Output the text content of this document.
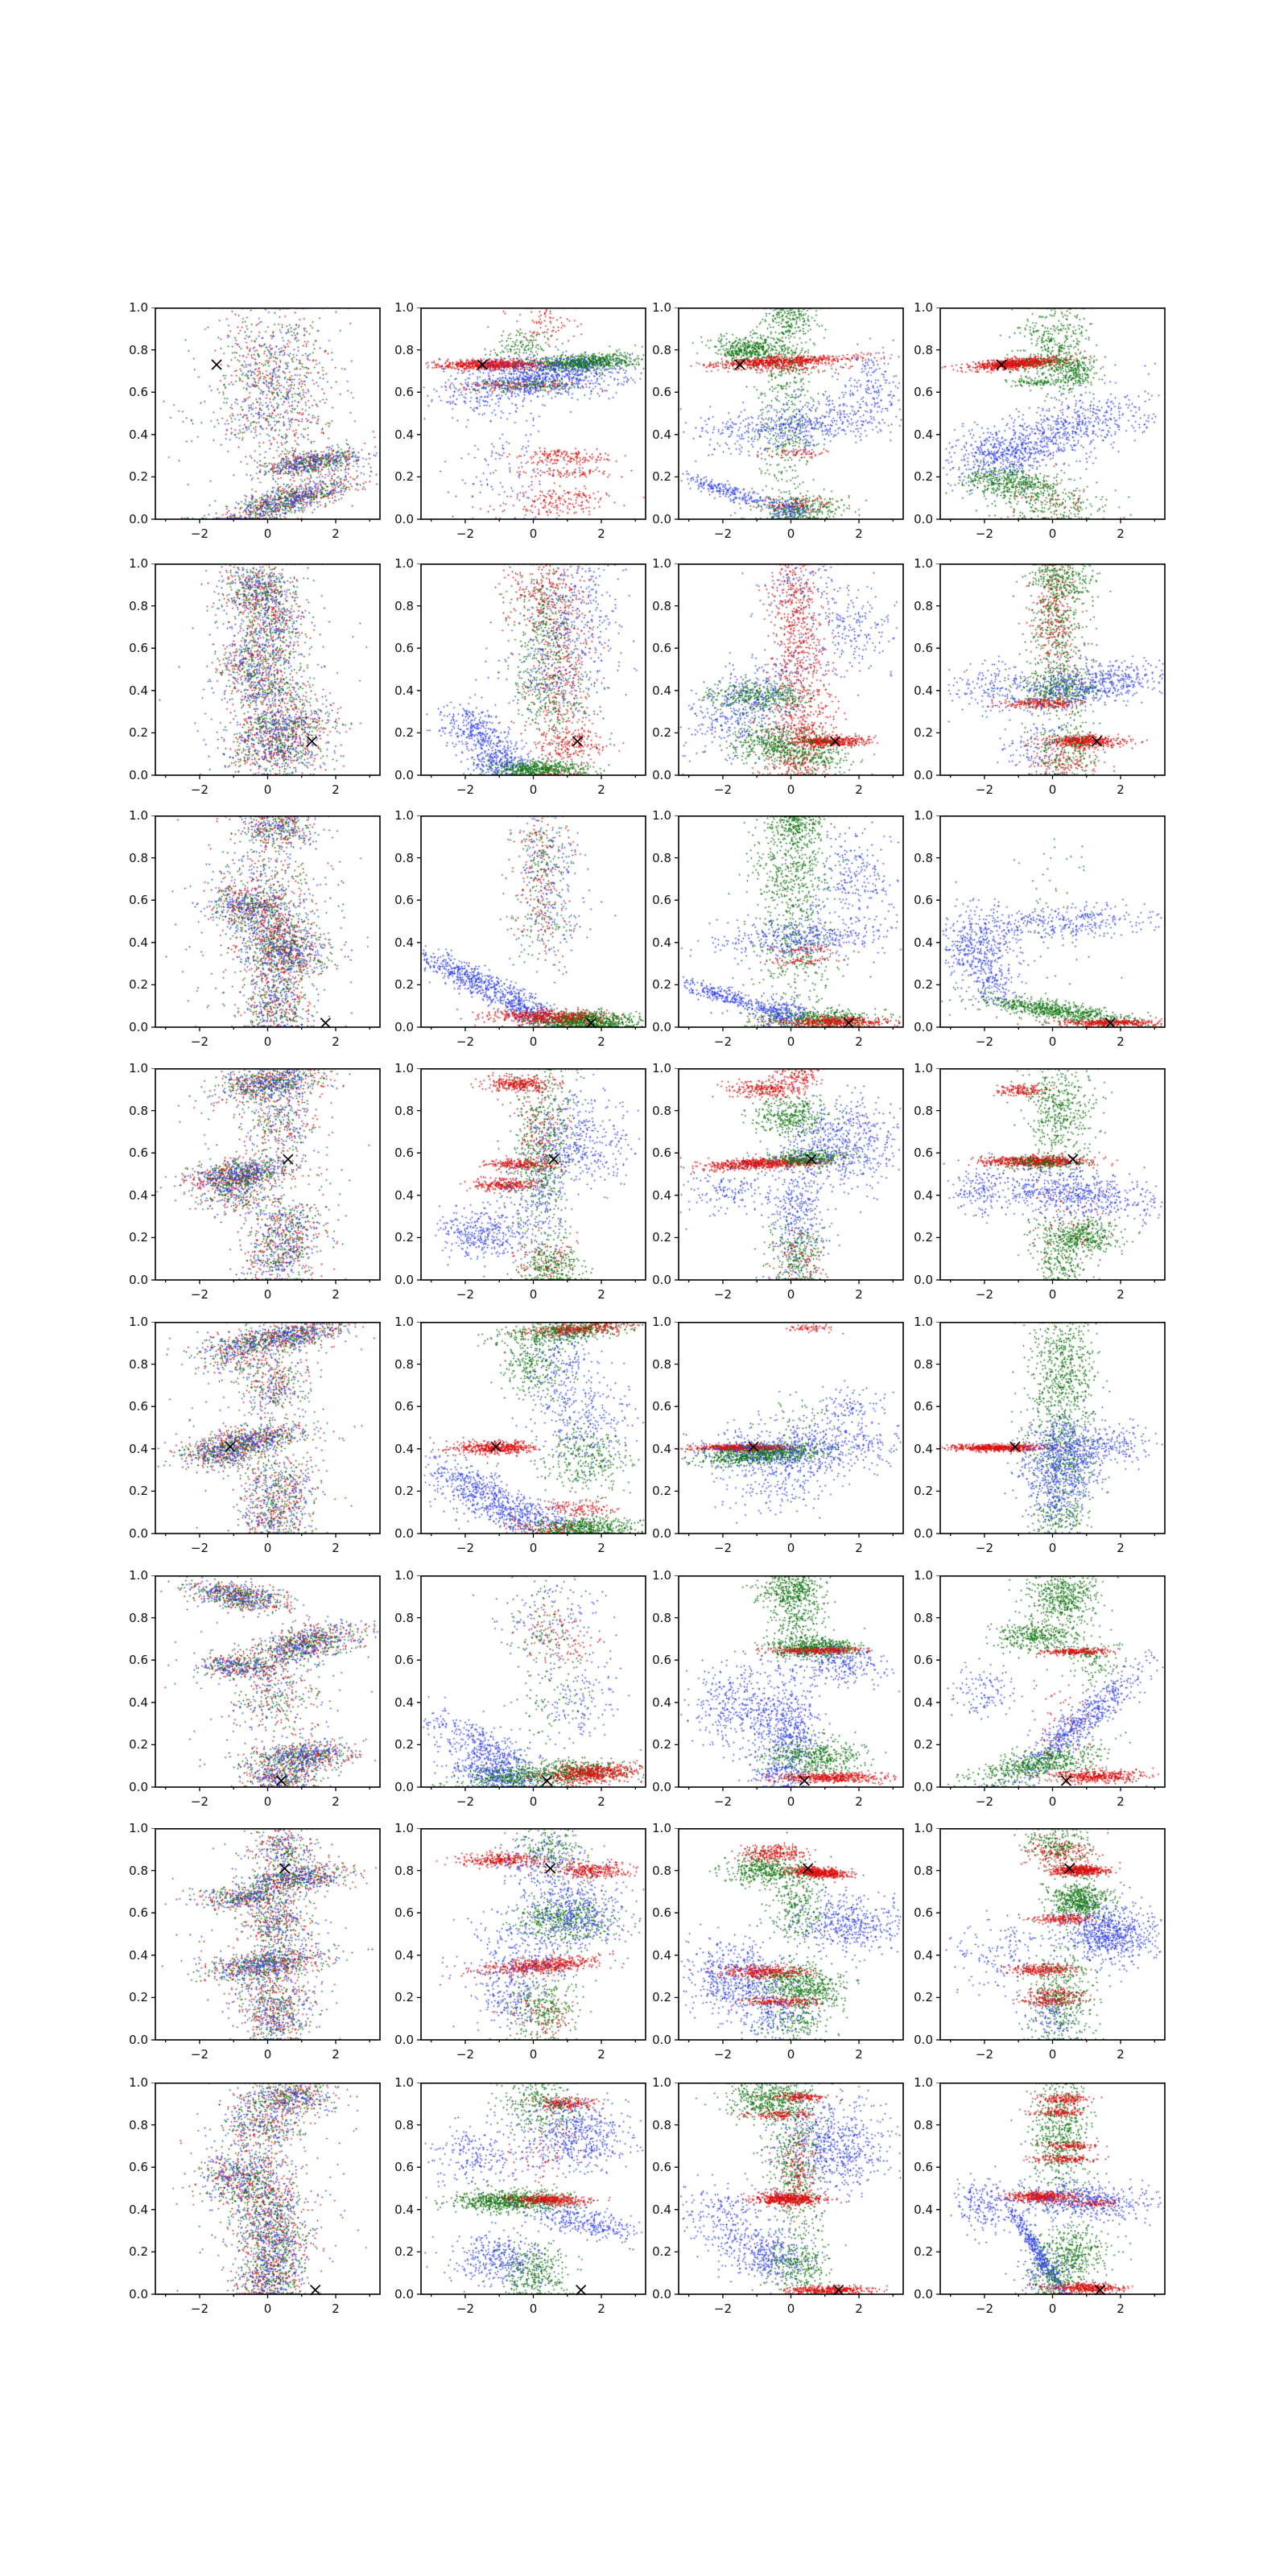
0.0
0.2
0.4
0.6
0.8
1.0
−2	0	2
0.0
0.2
0.4
0.6
0.8
1.0
−2	0	2
0.0
0.2
0.4
0.6
0.8
1.0
−2	0	2
0.0
0.2
0.4
0.6
0.8
1.0
−2	0	2
0.0
0.2
0.4
0.6
0.8
1.0
−2	0	2
0.0
0.2
0.4
0.6
0.8
1.0
−2	0	2
0.0
0.2
0.4
0.6
0.8
1.0
−2	0	2
0.0
0.2
0.4
0.6
0.8
1.0
−2	0	2
0.0
0.2
0.4
0.6
0.8
1.0
−2	0	2
0.0
0.2
0.4
0.6
0.8
1.0
−2	0	2
0.0
0.2
0.4
0.6
0.8
1.0
−2	0	2
0.0
0.2
0.4
0.6
0.8
1.0
−2	0	2
0.0
0.2
0.4
0.6
0.8
1.0
−2	0	2
0.0
0.2
0.4
0.6
0.8
1.0
−2	0	2
0.0
0.2
0.4
0.6
0.8
1.0
−2	0	2
0.0
0.2
0.4
0.6
0.8
1.0
−2	0	2
0.0
0.2
0.4
0.6
0.8
1.0
−2	0	2
0.0
0.2
0.4
0.6
0.8
1.0
−2	0	2
0.0
0.2
0.4
0.6
0.8
1.0
−2	0	2
0.0
0.2
0.4
0.6
0.8
1.0
−2	0	2
0.0
0.2
0.4
0.6
0.8
1.0
−2	0	2
0.0
0.2
0.4
0.6
0.8
1.0
−2	0	2
0.0
0.2
0.4
0.6
0.8
1.0
−2	0	2
0.0
0.2
0.4
0.6
0.8
1.0
−2	0	2
0.0
0.2
0.4
0.6
0.8
1.0
−2	0	2
0.0
0.2
0.4
0.6
0.8
1.0
−2	0	2
0.0
0.2
0.4
0.6
0.8
1.0
−2	0	2
0.0
0.2
0.4
0.6
0.8
1.0
−2	0	2
0.0
0.2
0.4
0.6
0.8
1.0
−2	0	2
0.0
0.2
0.4
0.6
0.8
1.0
−2	0	2
0.0
0.2
0.4
0.6
0.8
1.0
−2	0	2
0.0
0.2
0.4
0.6
0.8
1.0
−2	0	2
